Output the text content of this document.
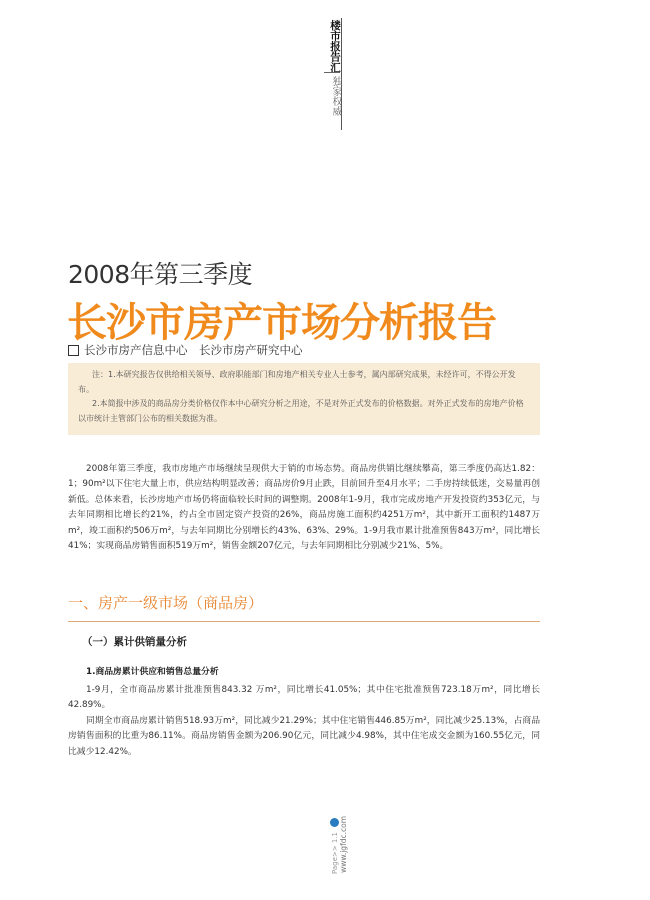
楼市报告汇
独家权威
2008年第三季度
长沙市房产市场分析报告
长沙市房产信息中心　长沙市房产研究中心

注：1.本研究报告仅供给相关领导、政府职能部门和房地产相关专业人士参考，属内部研究成果，未经许可，不得公开发布。

2.本简报中涉及的商品房分类价格仅作本中心研究分析之用途，不是对外正式发布的价格数据。对外正式发布的房地产价格以市统计主管部门公布的相关数据为准。

2008年第三季度，我市房地产市场继续呈现供大于销的市场态势。商品房供销比继续攀高，第三季度仍高达1.82：1；90m²以下住宅大量上市，供应结构明显改善；商品房价9月止跌，目前回升至4月水平；二手房持续低迷，交易量再创新低。总体来看，长沙房地产市场仍将面临较长时间的调整期。2008年1-9月，我市完成房地产开发投资约353亿元，与去年同期相比增长约21%，约占全市固定资产投资的26%，商品房施工面积约4251万m²，其中新开工面积约1487万m²，竣工面积约506万m²，与去年同期比分别增长约43%、63%、29%。1-9月我市累计批准预售843万m²，同比增长41%；实现商品房销售面积519万m²，销售金额207亿元，与去年同期相比分别减少21%、5%。

一、房产一级市场（商品房）
（一）累计供销量分析
1.商品房累计供应和销售总量分析

1-9月，全市商品房累计批准预售843.32 万m²，同比增长41.05%；其中住宅批准预售723.18万m²，同比增长42.89%。

同期全市商品房累计销售518.93万m²，同比减少21.29%；其中住宅销售446.85万m²，同比减少25.13%，占商品房销售面积的比重为86.11%。商品房销售金额为206.90亿元，同比减少4.98%，其中住宅成交金额为160.55亿元，同比减少12.42%。

www.jgfdc.com
Page>> 1.1
